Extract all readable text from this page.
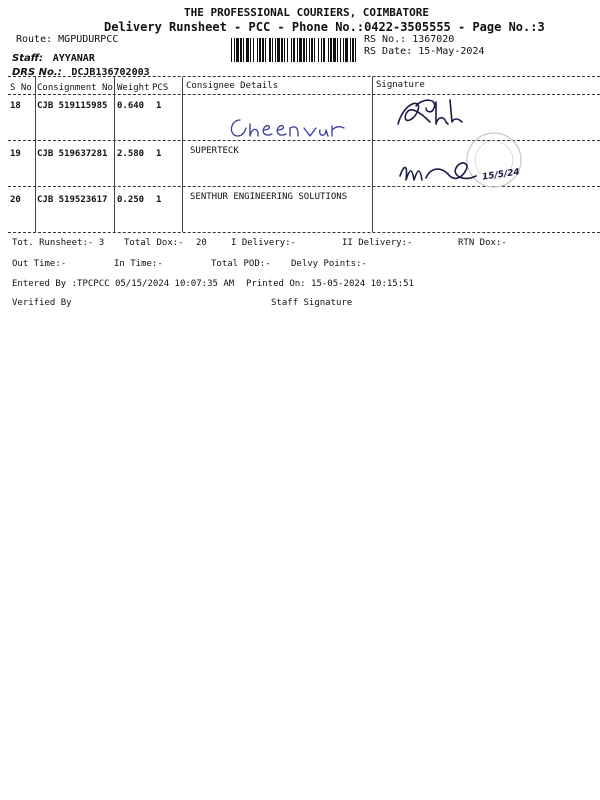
THE PROFESSIONAL COURIERS, COIMBATORE
Delivery Runsheet - PCC - Phone No.:0422-3505555 - Page No.:3
Route: MGPUDURPCC
Staff: AYYANAR
DRS No.: DCJB136702003
RS No.: 1367020
RS Date: 15-May-2024
S No Consignment No Weight PCS Consignee Details	Signature
18 CJB 519115985 0.640 1
19 CJB 519637281 2.580 1	SUPERTECK
20 CJB 519523617 0.250 1	SENTHUR ENGINEERING SOLUTIONS
15/5/24
Tot. Runsheet:- 3 Total Dox:- 20	I Delivery:-	II Delivery:-	RTN Dox:-
Out Time:-	In Time:-	Total POD:- Delvy Points:-
Entered By :TPCPCC 05/15/2024 10:07:35 AM Printed On: 15-05-2024 10:15:51
Verified By	Staff Signature
